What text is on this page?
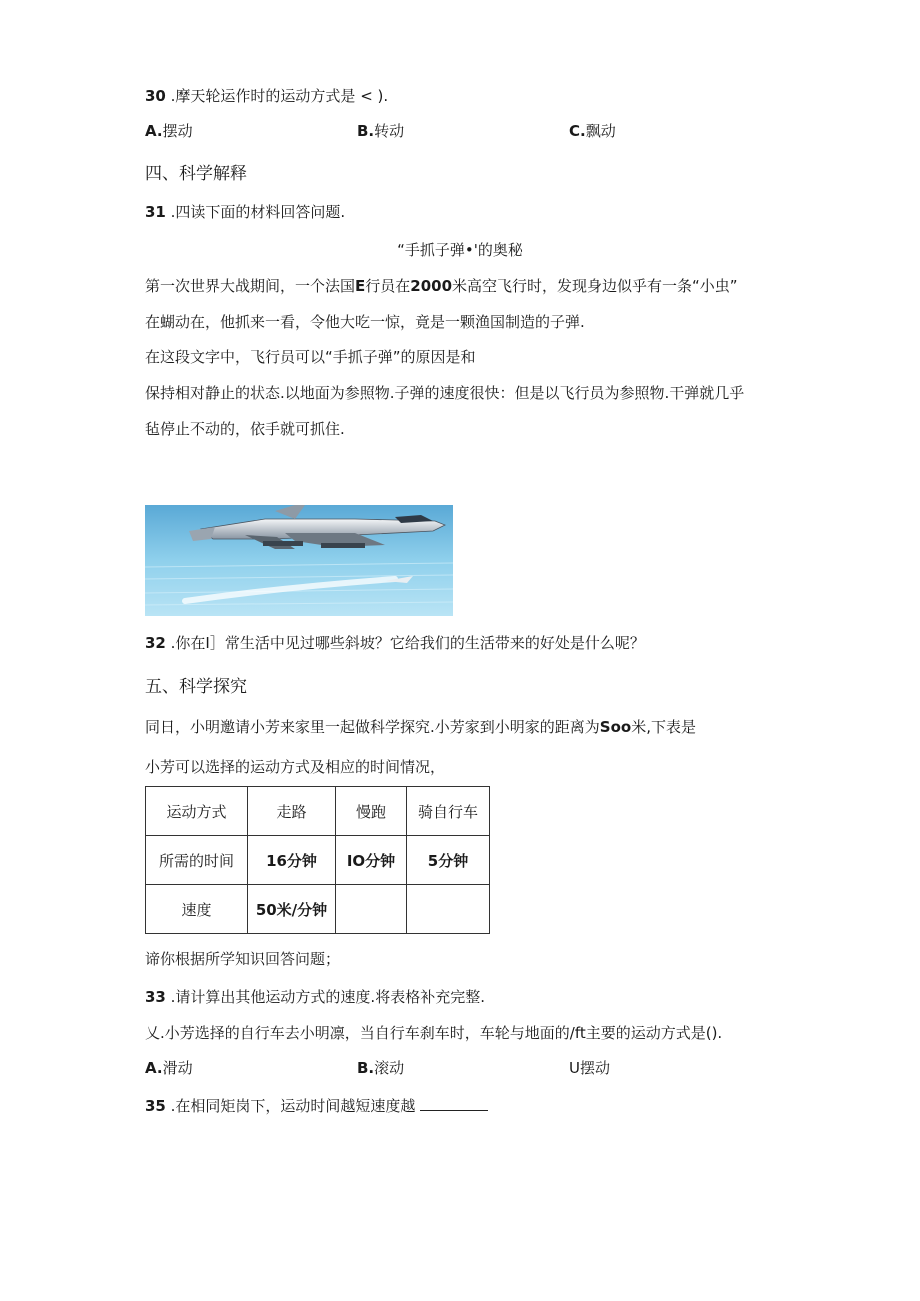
30 .摩天轮运作时的运动方式是 < ).
A.摆动	B.转动	C.飘动
四、科学解释
31 .四读下面的材料回答问题.
“手抓子弹•'的奥秘
第一次世界大战期间，一个法国E行员在2000米高空飞行时，发现身边似乎有一条“小虫”
在蝴动在，他抓来一看，令他大吃一惊，竟是一颗渔国制造的子弹.
在这段文字中，飞行员可以“手抓子弹”的原因是和
保持相对静止的状态.以地面为参照物.子弹的速度很快：但是以飞行员为参照物.干弹就几乎
毡停止不动的，依手就可抓住.
32 .你在I］常生活中见过哪些斜坡？它给我们的生活带来的好处是什么呢？
五、科学探究
同日，小明邀请小芳来家里一起做科学探究.小芳家到小明家的距离为Soo米,下表是
小芳可以选择的运动方式及相应的时间情况，
运动方式	走路	慢跑	骑自行车
所需的时间	16分钟	IO分钟	5分钟
速度	50米/分钟		
谛你根据所学知识回答问题；
33 .请计算出其他运动方式的速度.将表格补充完整.
乂.小芳选择的自行车去小明凛，当自行车刹车时，车轮与地面的/ft主要的运动方式是().
A.滑动	B.滚动	U摆动
35 .在相同矩岗下，运动时间越短速度越
